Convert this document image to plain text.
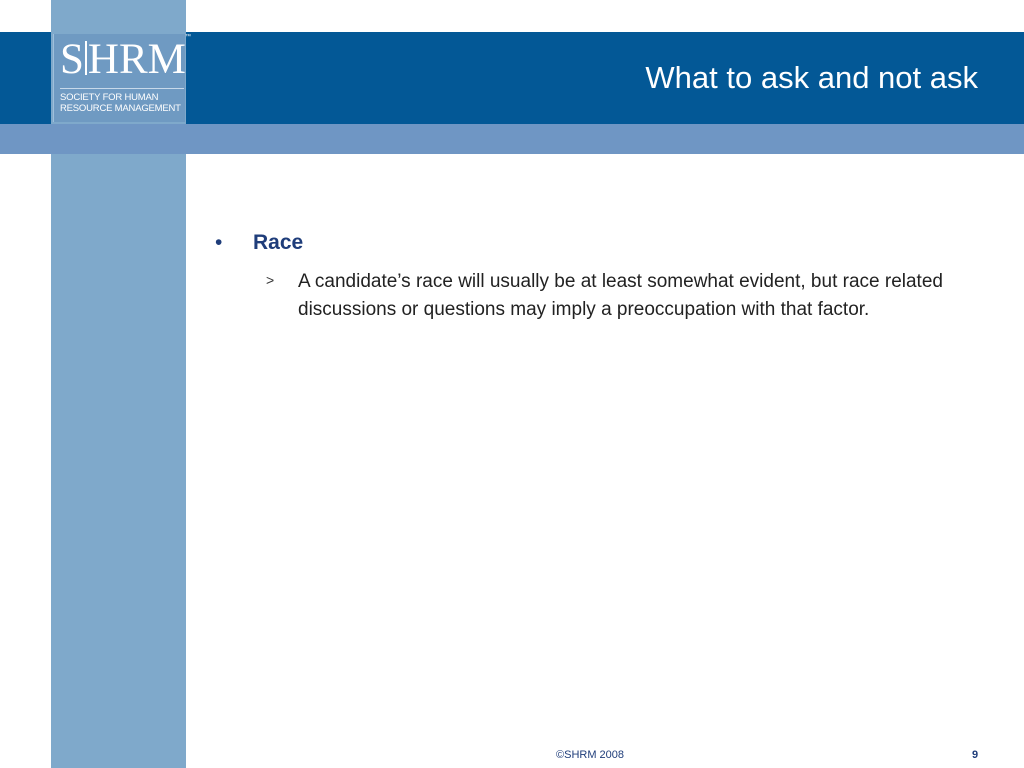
SHRM
SOCIETY FOR HUMAN
RESOURCE MANAGEMENT
™
What to ask and not ask
• Race
> A candidate’s race will usually be at least somewhat evident, but race related discussions or questions may imply a preoccupation with that factor.
©SHRM 2008	9
